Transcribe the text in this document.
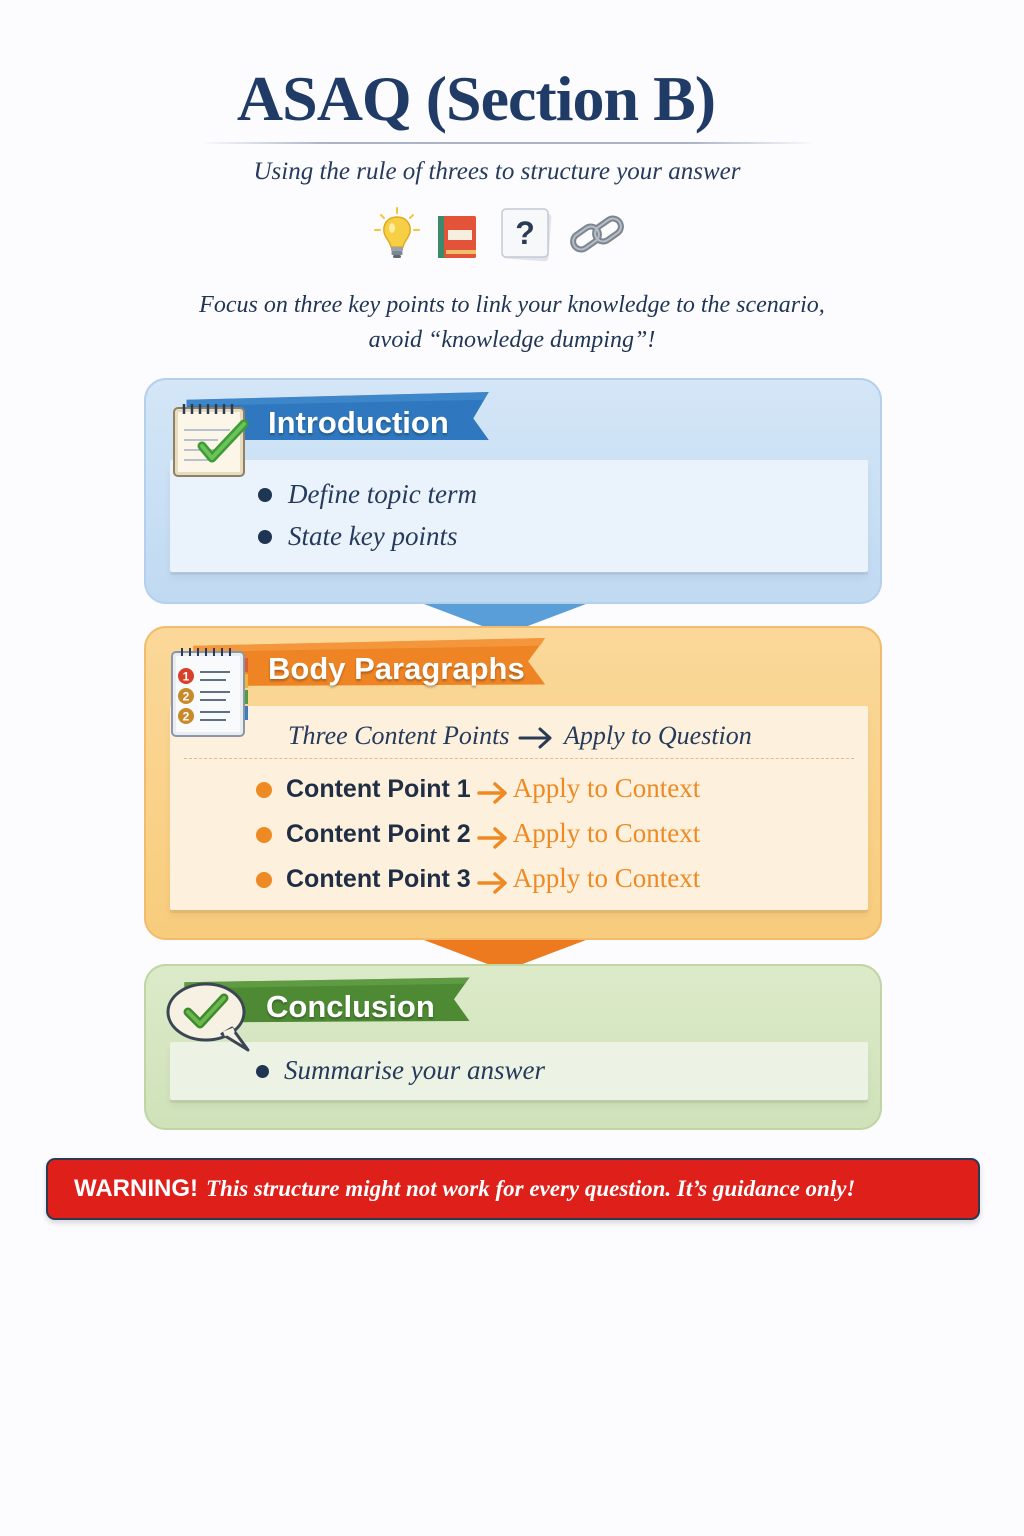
ASAQ (Section B)
Using the rule of threes to structure your answer
?
Focus on three key points to link your knowledge to the scenario,
avoid “knowledge dumping”!
Define topic term
State key points
Introduction
Three Content Points Apply to Question
Content Point 1 Apply to Context
Content Point 2 Apply to Context
Content Point 3 Apply to Context
1
2
2
Body Paragraphs
Summarise your answer
Conclusion
WARNING! This structure might not work for every question. It’s guidance only!
